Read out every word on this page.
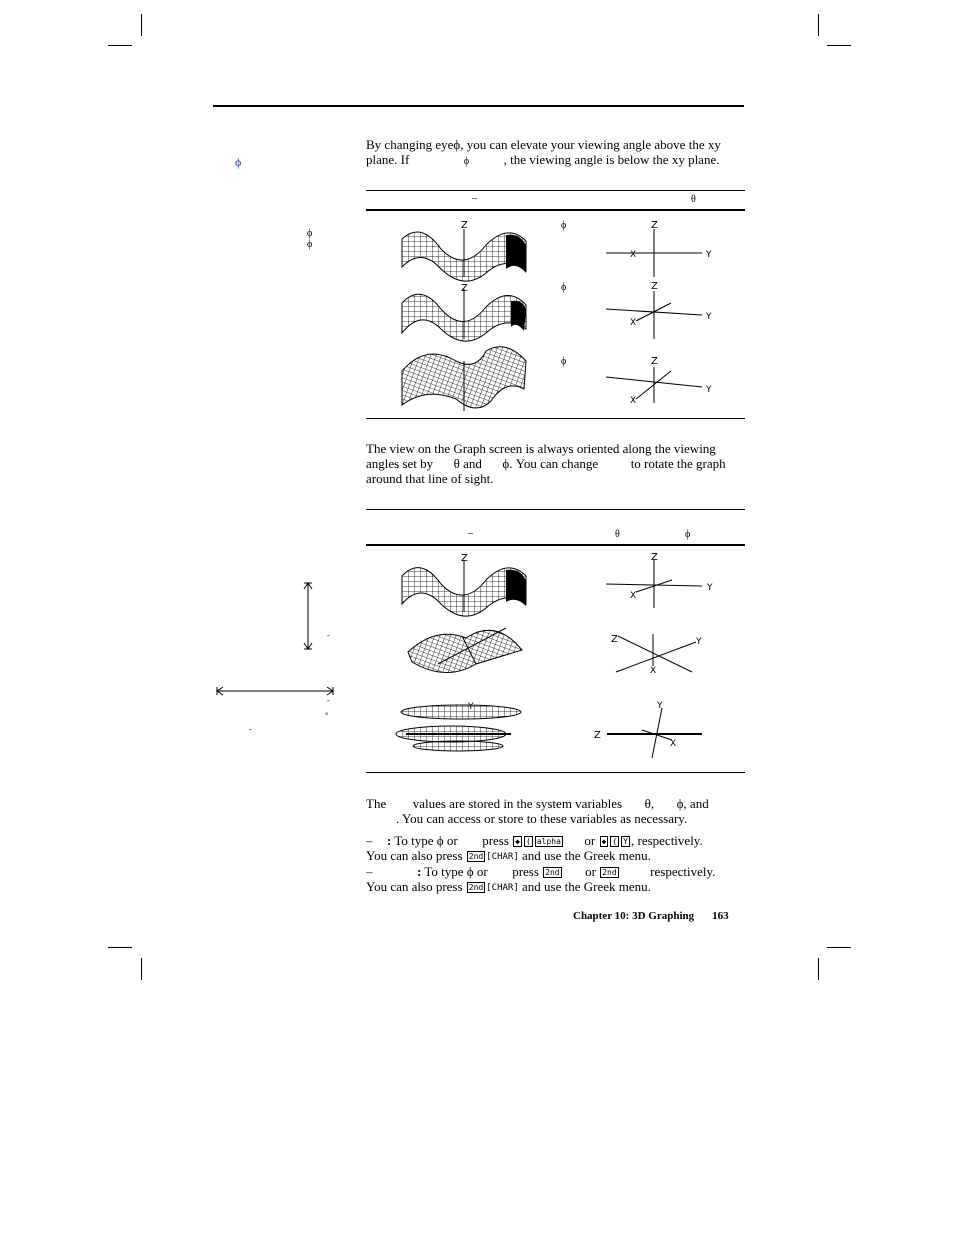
ϕ
ϕ
ϕ
By changing eyeϕ, you can elevate your viewing angle above the xy
plane. If	ϕ	, the viewing angle is below the xy plane.
–	θ
ϕ
ϕ
ϕ
Z	Z
Y
X
Z	Z
Y
X
Z
Y
X
The view on the Graph screen is always oriented along the viewing
angles set by θ and ϕ. You can change	to rotate the graph
around that line of sight.
–	θ	ϕ
-
-
°
-
Z	Z
Y
X
Z	Y
X
Y
Z
Y
X
The values are stored in the system variables θ, ϕ, and
. You can access or store to these variables as necessary.
– : To type ϕ or press ◆ ( alpha or ◆ ( Y , respectively.
You can also press 2nd [CHAR] and use the Greek menu.
–	: To type ϕ or press 2nd or 2nd	respectively.
You can also press 2nd [CHAR] and use the Greek menu.
Chapter 10: 3D Graphing 163
